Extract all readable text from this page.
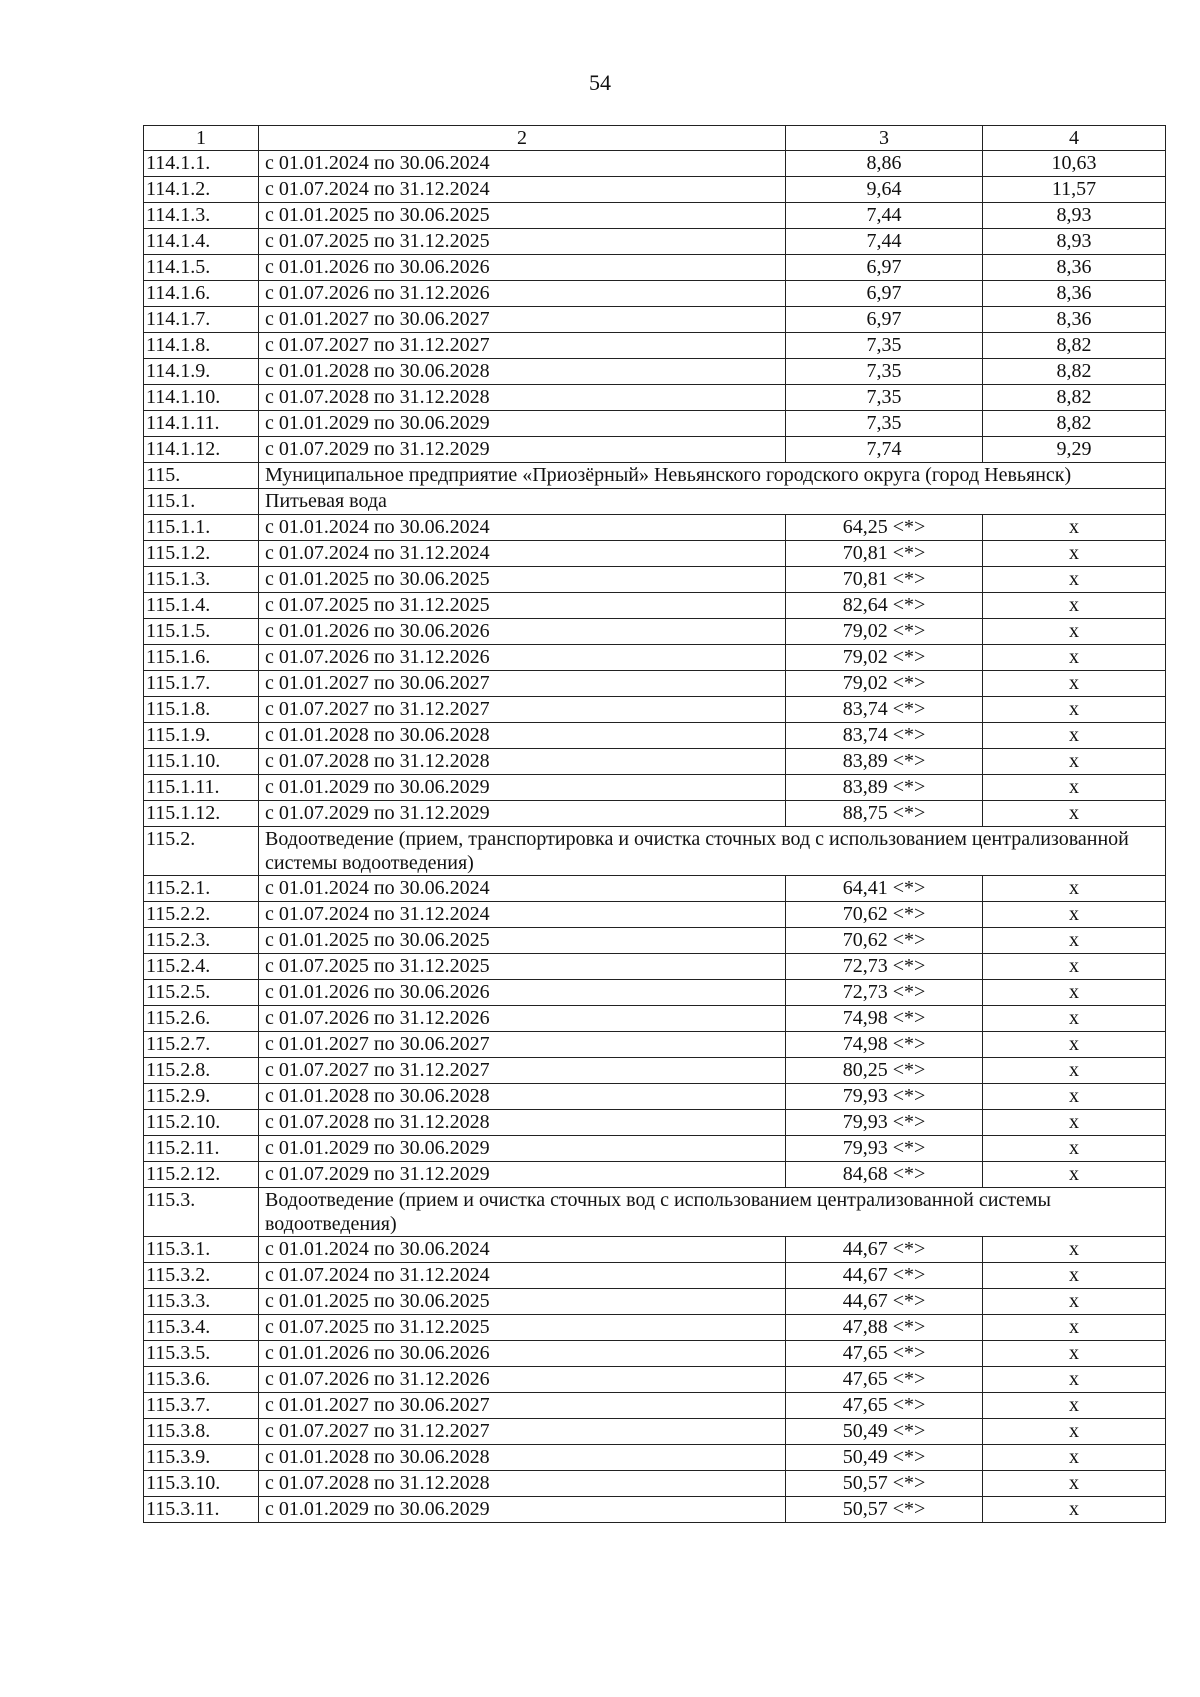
54
1	2	3	4
114.1.1.	с 01.01.2024 по 30.06.2024	8,86	10,63
114.1.2.	с 01.07.2024 по 31.12.2024	9,64	11,57
114.1.3.	с 01.01.2025 по 30.06.2025	7,44	8,93
114.1.4.	с 01.07.2025 по 31.12.2025	7,44	8,93
114.1.5.	с 01.01.2026 по 30.06.2026	6,97	8,36
114.1.6.	с 01.07.2026 по 31.12.2026	6,97	8,36
114.1.7.	с 01.01.2027 по 30.06.2027	6,97	8,36
114.1.8.	с 01.07.2027 по 31.12.2027	7,35	8,82
114.1.9.	с 01.01.2028 по 30.06.2028	7,35	8,82
114.1.10.	с 01.07.2028 по 31.12.2028	7,35	8,82
114.1.11.	с 01.01.2029 по 30.06.2029	7,35	8,82
114.1.12.	с 01.07.2029 по 31.12.2029	7,74	9,29
115.	Муниципальное предприятие «Приозёрный» Невьянского городского округа (город Невьянск)		
115.1.	Питьевая вода		
115.1.1.	с 01.01.2024 по 30.06.2024	64,25 <*>	x
115.1.2.	с 01.07.2024 по 31.12.2024	70,81 <*>	x
115.1.3.	с 01.01.2025 по 30.06.2025	70,81 <*>	x
115.1.4.	с 01.07.2025 по 31.12.2025	82,64 <*>	x
115.1.5.	с 01.01.2026 по 30.06.2026	79,02 <*>	x
115.1.6.	с 01.07.2026 по 31.12.2026	79,02 <*>	x
115.1.7.	с 01.01.2027 по 30.06.2027	79,02 <*>	x
115.1.8.	с 01.07.2027 по 31.12.2027	83,74 <*>	x
115.1.9.	с 01.01.2028 по 30.06.2028	83,74 <*>	x
115.1.10.	с 01.07.2028 по 31.12.2028	83,89 <*>	x
115.1.11.	с 01.01.2029 по 30.06.2029	83,89 <*>	x
115.1.12.	с 01.07.2029 по 31.12.2029	88,75 <*>	x
115.2.	Водоотведение (прием, транспортировка и очистка сточных вод с использованием централизованной системы водоотведения)		
115.2.1.	с 01.01.2024 по 30.06.2024	64,41 <*>	x
115.2.2.	с 01.07.2024 по 31.12.2024	70,62 <*>	x
115.2.3.	с 01.01.2025 по 30.06.2025	70,62 <*>	x
115.2.4.	с 01.07.2025 по 31.12.2025	72,73 <*>	x
115.2.5.	с 01.01.2026 по 30.06.2026	72,73 <*>	x
115.2.6.	с 01.07.2026 по 31.12.2026	74,98 <*>	x
115.2.7.	с 01.01.2027 по 30.06.2027	74,98 <*>	x
115.2.8.	с 01.07.2027 по 31.12.2027	80,25 <*>	x
115.2.9.	с 01.01.2028 по 30.06.2028	79,93 <*>	x
115.2.10.	с 01.07.2028 по 31.12.2028	79,93 <*>	x
115.2.11.	с 01.01.2029 по 30.06.2029	79,93 <*>	x
115.2.12.	с 01.07.2029 по 31.12.2029	84,68 <*>	x
115.3.	Водоотведение (прием и очистка сточных вод с использованием централизованной системы водоотведения)		
115.3.1.	с 01.01.2024 по 30.06.2024	44,67 <*>	x
115.3.2.	с 01.07.2024 по 31.12.2024	44,67 <*>	x
115.3.3.	с 01.01.2025 по 30.06.2025	44,67 <*>	x
115.3.4.	с 01.07.2025 по 31.12.2025	47,88 <*>	x
115.3.5.	с 01.01.2026 по 30.06.2026	47,65 <*>	x
115.3.6.	с 01.07.2026 по 31.12.2026	47,65 <*>	x
115.3.7.	с 01.01.2027 по 30.06.2027	47,65 <*>	x
115.3.8.	с 01.07.2027 по 31.12.2027	50,49 <*>	x
115.3.9.	с 01.01.2028 по 30.06.2028	50,49 <*>	x
115.3.10.	с 01.07.2028 по 31.12.2028	50,57 <*>	x
115.3.11.	с 01.01.2029 по 30.06.2029	50,57 <*>	x
